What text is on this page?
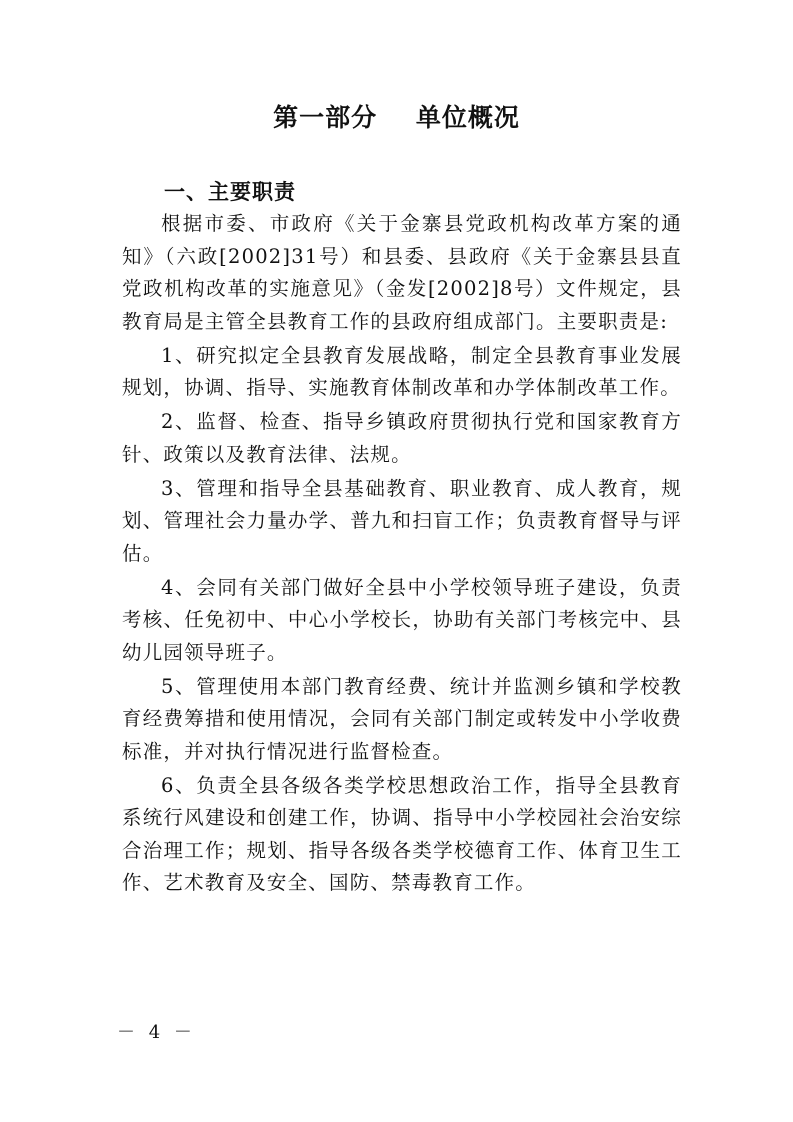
第一部分    单位概况
一、主要职责

根据市委、市政府《关于金寨县党政机构改革方案的通知》（六政[2002]31号）和县委、县政府《关于金寨县县直党政机构改革的实施意见》（金发[2002]8号）文件规定，县教育局是主管全县教育工作的县政府组成部门。主要职责是:

1、研究拟定全县教育发展战略，制定全县教育事业发展规划，协调、指导、实施教育体制改革和办学体制改革工作。

2、监督、检查、指导乡镇政府贯彻执行党和国家教育方针、政策以及教育法律、法规。

3、管理和指导全县基础教育、职业教育、成人教育，规划、管理社会力量办学、普九和扫盲工作；负责教育督导与评估。

4、会同有关部门做好全县中小学校领导班子建设，负责考核、任免初中、中心小学校长，协助有关部门考核完中、县幼儿园领导班子。

5、管理使用本部门教育经费、统计并监测乡镇和学校教育经费筹措和使用情况，会同有关部门制定或转发中小学收费标准，并对执行情况进行监督检查。

6、负责全县各级各类学校思想政治工作，指导全县教育系统行风建设和创建工作，协调、指导中小学校园社会治安综合治理工作；规划、指导各级各类学校德育工作、体育卫生工作、艺术教育及安全、国防、禁毒教育工作。

－ 4 －
